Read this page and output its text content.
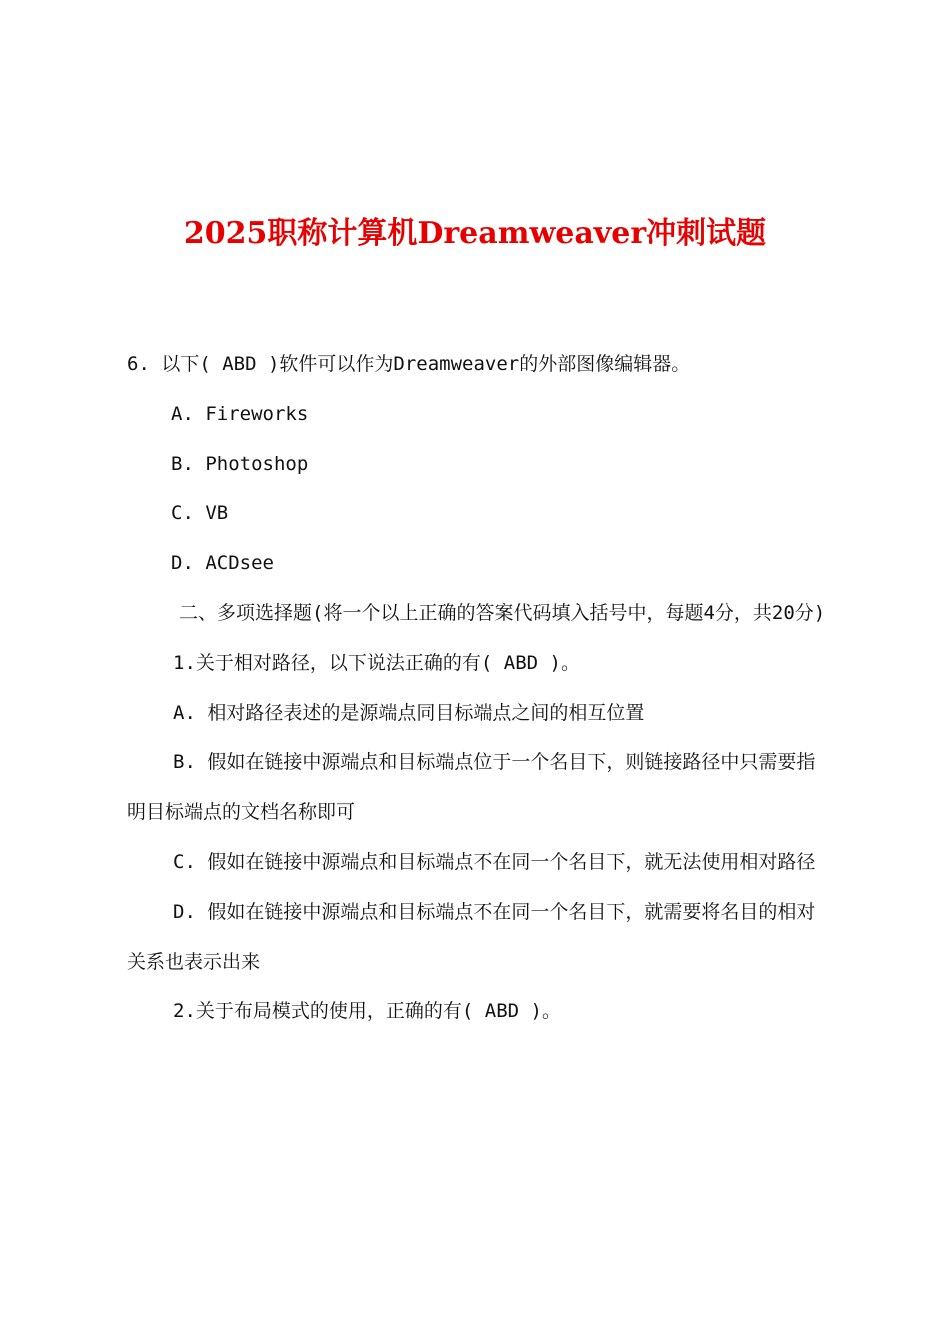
2025职称计算机Dreamweaver冲刺试题

6. 以下( ABD )软件可以作为Dreamweaver的外部图像编辑器。

A. Fireworks

B. Photoshop

C. VB

D. ACDsee

二、多项选择题(将一个以上正确的答案代码填入括号中，每题4分，共20分)

1.关于相对路径，以下说法正确的有( ABD )。

A. 相对路径表述的是源端点同目标端点之间的相互位置

B. 假如在链接中源端点和目标端点位于一个名目下，则链接路径中只需要指明目标端点的文档名称即可

C. 假如在链接中源端点和目标端点不在同一个名目下，就无法使用相对路径

D. 假如在链接中源端点和目标端点不在同一个名目下，就需要将名目的相对关系也表示出来

2.关于布局模式的使用，正确的有( ABD )。
